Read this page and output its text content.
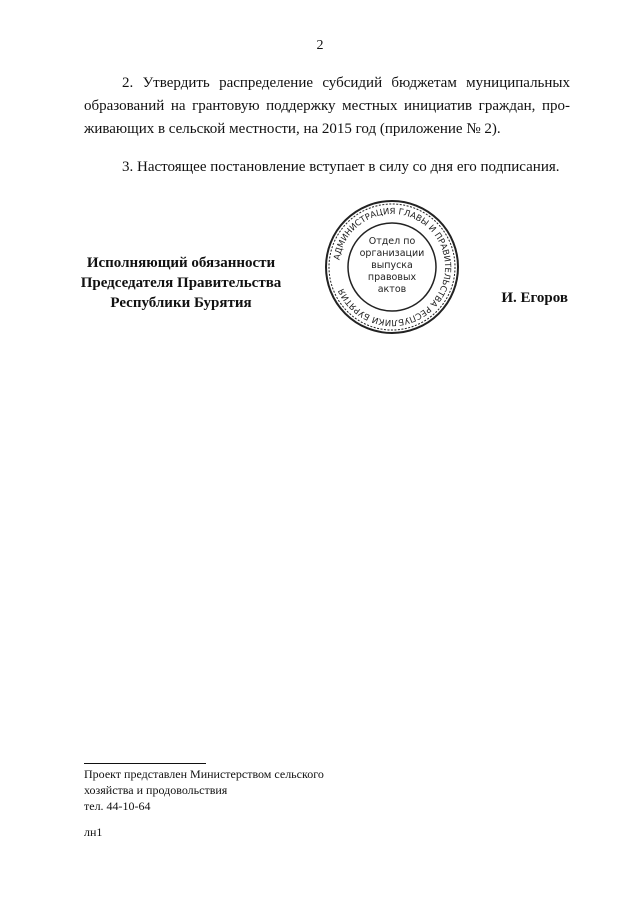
2
2. Утвердить распределение субсидий бюджетам муниципальных
образований на грантовую поддержку местных инициатив граждан, про-
живающих в сельской местности, на 2015 год (приложение № 2).
3. Настоящее постановление вступает в силу со дня его подписания.
Исполняющий обязанности
Председателя Правительства
Республики Бурятия
АДМИНИСТРАЦИЯ ГЛАВЫ И ПРАВИТЕЛЬСТВА РЕСПУБЛИКИ БУРЯТИЯ
Отдел по
организации
выпуска
правовых
актов
И. Егоров
Проект представлен Министерством сельского
хозяйства и продовольствия
тел. 44-10-64
лн1
